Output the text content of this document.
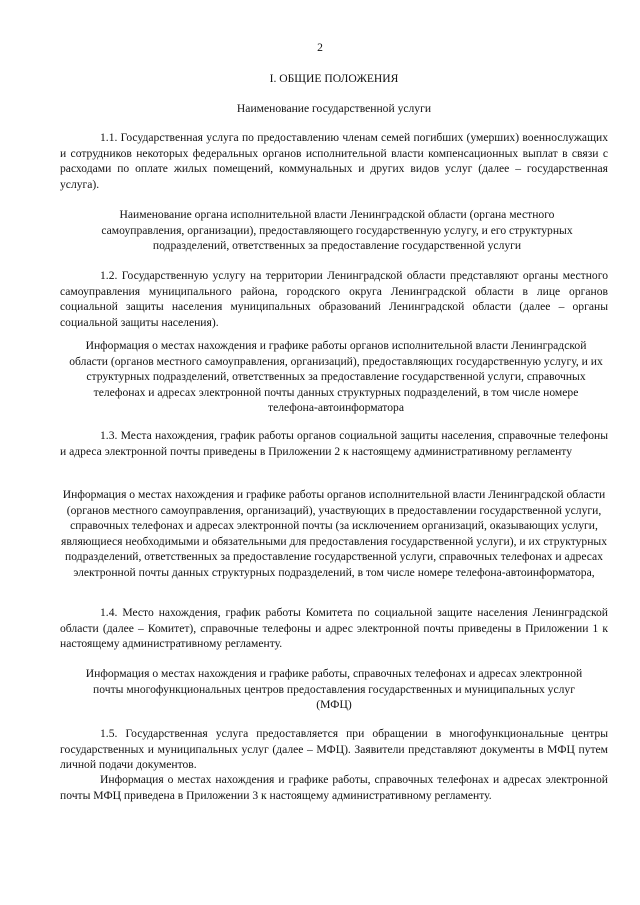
2

I. ОБЩИЕ ПОЛОЖЕНИЯ

Наименование государственной услуги

1.1. Государственная услуга по предоставлению членам семей погибших (умерших) военнослужащих и сотрудников некоторых федеральных органов исполнительной власти компенсационных выплат в связи с расходами по оплате жилых помещений, коммунальных и других видов услуг (далее – государственная услуга).

Наименование органа исполнительной власти Ленинградской области (органа местного самоуправления, организации), предоставляющего государственную услугу, и его структурных подразделений, ответственных за предоставление государственной услуги

1.2. Государственную услугу на территории Ленинградской области представляют органы местного самоуправления муниципального района, городского округа Ленинградской области в лице органов социальной защиты населения муниципальных образований Ленинградской области (далее – органы социальной защиты населения).

Информация о местах нахождения и графике работы органов исполнительной власти Ленинградской области (органов местного самоуправления, организаций), предоставляющих государственную услугу, и их структурных подразделений, ответственных за предоставление государственной услуги, справочных телефонах и адресах электронной почты данных структурных подразделений, в том числе номере телефона-автоинформатора

1.3. Места нахождения, график работы органов социальной защиты населения, справочные телефоны и адреса электронной почты приведены в Приложении 2 к настоящему административному регламенту

Информация о местах нахождения и графике работы органов исполнительной власти Ленинградской области (органов местного самоуправления, организаций), участвующих в предоставлении государственной услуги, справочных телефонах и адресах электронной почты (за исключением организаций, оказывающих услуги, являющиеся необходимыми и обязательными для предоставления государственной услуги), и их структурных подразделений, ответственных за предоставление государственной услуги, справочных телефонах и адресах электронной почты данных структурных подразделений, в том числе номере телефона-автоинформатора,

1.4. Место нахождения, график работы Комитета по социальной защите населения Ленинградской области (далее – Комитет), справочные телефоны и адрес электронной почты приведены в Приложении 1 к настоящему административному регламенту.

Информация о местах нахождения и графике работы, справочных телефонах и адресах электронной почты многофункциональных центров предоставления государственных и муниципальных услуг (МФЦ)

1.5. Государственная услуга предоставляется при обращении в многофункциональные центры государственных и муниципальных услуг (далее – МФЦ). Заявители представляют документы в МФЦ путем личной подачи документов.

Информация о местах нахождения и графике работы, справочных телефонах и адресах электронной почты МФЦ приведена в Приложении 3 к настоящему административному регламенту.
